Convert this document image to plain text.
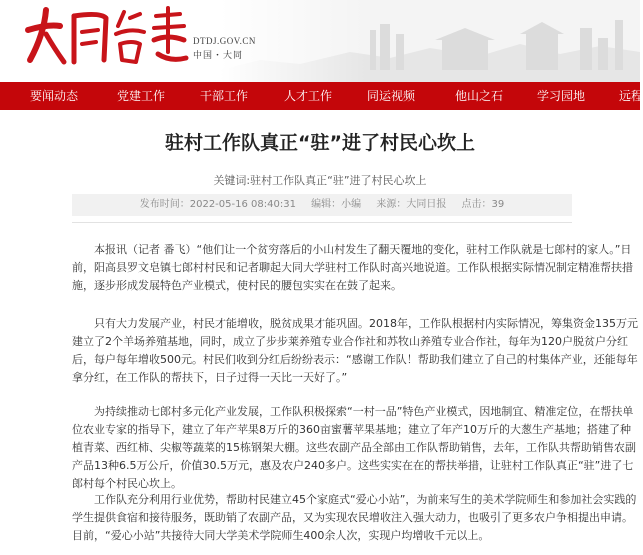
DTDJ.GOV.CN
中国・大同
要闻动态	党建工作	干部工作	人才工作	同运视频	他山之石	学习园地	远程
驻村工作队真正“驻”进了村民心坎上
关键词:驻村工作队真正“驻”进了村民心坎上
发布时间：2022-05-16 08:40:31 编辑：小编 来源：大同日报 点击：39

本报讯（记者 番飞）“他们让一个贫穷落后的小山村发生了翻天覆地的变化，驻村工作队就是七郎村的家人。”日前，阳高县罗文皂镇七郎村村民和记者聊起大同大学驻村工作队时高兴地说道。工作队根据实际情况制定精准帮扶措施，逐步形成发展特色产业模式，使村民的腰包实实在在鼓了起来。

只有大力发展产业，村民才能增收，脱贫成果才能巩固。2018年，工作队根据村内实际情况，筹集资金135万元建立了2个羊场养殖基地，同时，成立了步步莱养殖专业合作社和苏牧山养殖专业合作社，每年为120户脱贫户分红后，每户每年增收500元。村民们收到分红后纷纷表示：“感谢工作队！帮助我们建立了自己的村集体产业，还能每年拿分红，在工作队的帮扶下，日子过得一天比一天好了。”

为持续推动七郎村多元化产业发展，工作队积极探索“一村一品”特色产业模式，因地制宜、精准定位，在帮扶单位农业专家的指导下，建立了年产苹果8万斤的360亩蜜薯苹果基地；建立了年产10万斤的大葱生产基地；搭建了种植青菜、西红柿、尖椒等蔬菜的15栋钢架大棚。这些农副产品全部由工作队帮助销售，去年，工作队共帮助销售农副产品13种6.5万公斤，价值30.5万元，惠及农户240多户。这些实实在在的帮扶举措，让驻村工作队真正“驻”进了七郎村每个村民心坎上。

工作队充分利用行业优势，帮助村民建立45个家庭式“爱心小站”，为前来写生的美术学院师生和参加社会实践的学生提供食宿和接待服务，既助销了农副产品，又为实现农民增收注入强大动力，也吸引了更多农户争相提出申请。目前，“爱心小站”共接待大同大学美术学院师生400余人次，实现户均增收千元以上。
